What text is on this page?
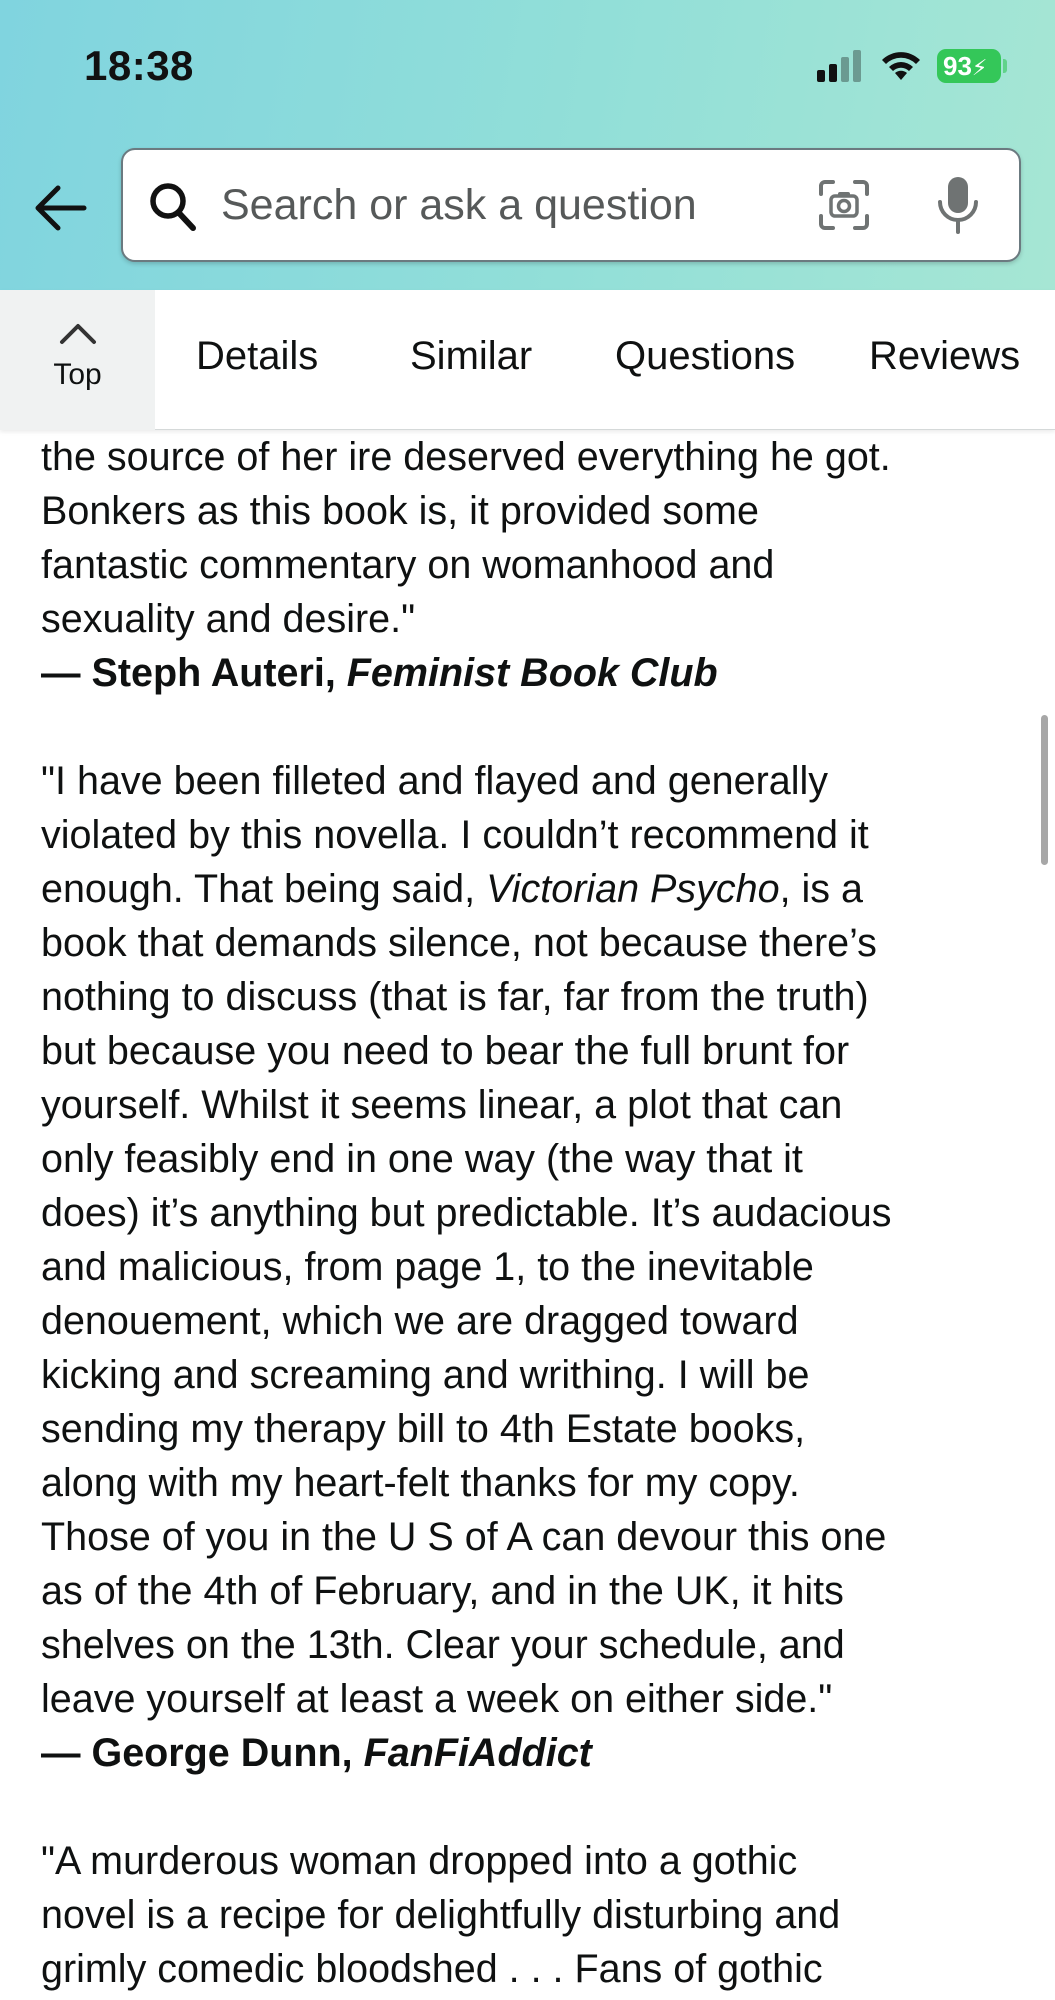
18:38	93⚡
Search or ask a question
Top	Details Similar Questions Reviews
the source of her ire deserved everything he got.
Bonkers as this book is, it provided some
fantastic commentary on womanhood and
sexuality and desire."
— Steph Auteri, Feminist Book Club
"I have been filleted and flayed and generally
violated by this novella. I couldn’t recommend it
enough. That being said, Victorian Psycho, is a
book that demands silence, not because there’s
nothing to discuss (that is far, far from the truth)
but because you need to bear the full brunt for
yourself. Whilst it seems linear, a plot that can
only feasibly end in one way (the way that it
does) it’s anything but predictable. It’s audacious
and malicious, from page 1, to the inevitable
denouement, which we are dragged toward
kicking and screaming and writhing. I will be
sending my therapy bill to 4th Estate books,
along with my heart-felt thanks for my copy.
Those of you in the U S of A can devour this one
as of the 4th of February, and in the UK, it hits
shelves on the 13th. Clear your schedule, and
leave yourself at least a week on either side."
— George Dunn, FanFiAddict
"A murderous woman dropped into a gothic
novel is a recipe for delightfully disturbing and
grimly comedic bloodshed . . . Fans of gothic
